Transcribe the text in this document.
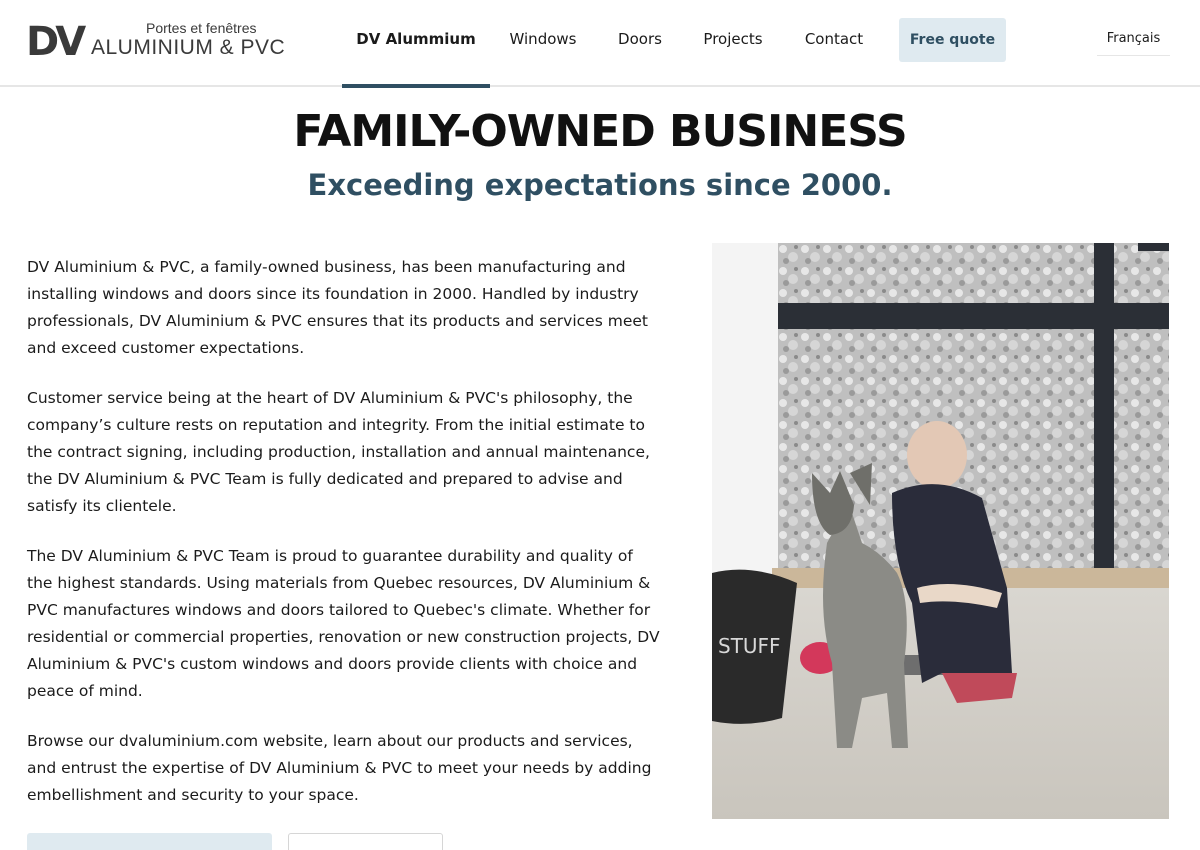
DV	Portes et fenêtres
ALUMINIUM & PVC	DV Alummium	Windows	Doors	Projects	Contact	Free quote	Français
FAMILY-OWNED BUSINESS
Exceeding expectations since 2000.

DV Aluminium & PVC, a family-owned business, has been manufacturing and installing windows and doors since its foundation in 2000. Handled by industry professionals, DV Aluminium & PVC ensures that its products and services meet and exceed customer expectations.

Customer service being at the heart of DV Aluminium & PVC's philosophy, the company’s culture rests on reputation and integrity. From the initial estimate to the contract signing, including production, installation and annual maintenance, the DV Aluminium & PVC Team is fully dedicated and prepared to advise and satisfy its clientele.

The DV Aluminium & PVC Team is proud to guarantee durability and quality of the highest standards. Using materials from Quebec resources, DV Aluminium & PVC manufactures windows and doors tailored to Quebec's climate. Whether for residential or commercial properties, renovation or new construction projects, DV Aluminium & PVC's custom windows and doors provide clients with choice and peace of mind.

Browse our dvaluminium.com website, learn about our products and services, and entrust the expertise of DV Aluminium & PVC to meet your needs by adding embellishment and security to your space.

STUFF
